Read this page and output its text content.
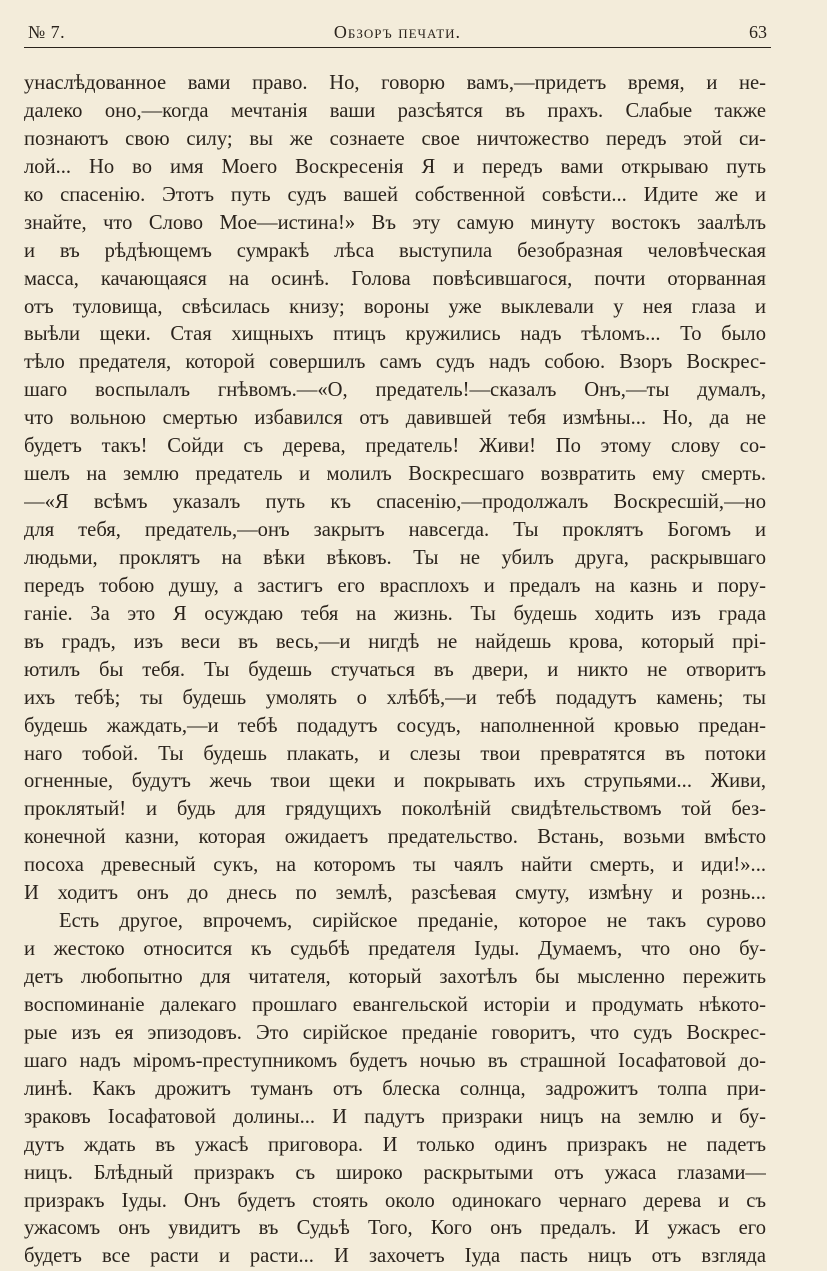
№ 7.	Обзоръ печати.	63
унаслѣдованное вами право. Но, говорю вамъ,—придетъ время, и не-
далеко оно,—когда мечтанія ваши разсѣятся въ прахъ. Слабые также
познаютъ свою силу; вы же сознаете свое ничтожество передъ этой си-
лой... Но во имя Моего Воскресенія Я и передъ вами открываю путь
ко спасенію. Этотъ путь судъ вашей собственной совѣсти... Идите же и
знайте, что Слово Мое—истина!» Въ эту самую минуту востокъ заалѣлъ
и въ рѣдѣющемъ сумракѣ лѣса выступила безобразная человѣческая
масса, качающаяся на осинѣ. Голова повѣсившагося, почти оторванная
отъ туловища, свѣсилась книзу; вороны уже выклевали у нея глаза и
выѣли щеки. Стая хищныхъ птицъ кружились надъ тѣломъ... То было
тѣло предателя, которой совершилъ самъ судъ надъ собою. Взоръ Воскрес-
шаго воспылалъ гнѣвомъ.—«О, предатель!—сказалъ Онъ,—ты думалъ,
что вольною смертью избавился отъ давившей тебя измѣны... Но, да не
будетъ такъ! Сойди съ дерева, предатель! Живи! По этому слову со-
шелъ на землю предатель и молилъ Воскресшаго возвратить ему смерть.
—«Я всѣмъ указалъ путь къ спасенію,—продолжалъ Воскресшій,—но
для тебя, предатель,—онъ закрытъ навсегда. Ты проклятъ Богомъ и
людьми, проклятъ на вѣки вѣковъ. Ты не убилъ друга, раскрывшаго
передъ тобою душу, а застигъ его врасплохъ и предалъ на казнь и пору-
ганіе. За это Я осуждаю тебя на жизнь. Ты будешь ходить изъ града
въ градъ, изъ веси въ весь,—и нигдѣ не найдешь крова, который прі-
ютилъ бы тебя. Ты будешь стучаться въ двери, и никто не отворитъ
ихъ тебѣ; ты будешь умолять о хлѣбѣ,—и тебѣ подадутъ камень; ты
будешь жаждать,—и тебѣ подадутъ сосудъ, наполненной кровью предан-
наго тобой. Ты будешь плакать, и слезы твои превратятся въ потоки
огненные, будутъ жечь твои щеки и покрывать ихъ струпьями... Живи,
проклятый! и будь для грядущихъ поколѣній свидѣтельствомъ той без-
конечной казни, которая ожидаетъ предательство. Встань, возьми вмѣсто
посоха древесный сукъ, на которомъ ты чаялъ найти смерть, и иди!»...
И ходитъ онъ до днесь по землѣ, разсѣевая смуту, измѣну и рознь...
Есть другое, впрочемъ, сирійское преданіе, которое не такъ сурово
и жестоко относится къ судьбѣ предателя Іуды. Думаемъ, что оно бу-
детъ любопытно для читателя, который захотѣлъ бы мысленно пережить
воспоминаніе далекаго прошлаго евангельской исторіи и продумать нѣкото-
рые изъ ея эпизодовъ. Это сирійское преданіе говоритъ, что судъ Воскрес-
шаго надъ міромъ-преступникомъ будетъ ночью въ страшной Іосафатовой до-
линѣ. Какъ дрожитъ туманъ отъ блеска солнца, задрожитъ толпа при-
зраковъ Іосафатовой долины... И падутъ призраки ницъ на землю и бу-
дутъ ждать въ ужасѣ приговора. И только одинъ призракъ не падетъ
ницъ. Блѣдный призракъ съ широко раскрытыми отъ ужаса глазами—
призракъ Іуды. Онъ будетъ стоять около одинокаго чернаго дерева и съ
ужасомъ онъ увидитъ въ Судьѣ Того, Кого онъ предалъ. И ужасъ его
будетъ все расти и расти... И захочетъ Іуда пасть ницъ отъ взгляда
